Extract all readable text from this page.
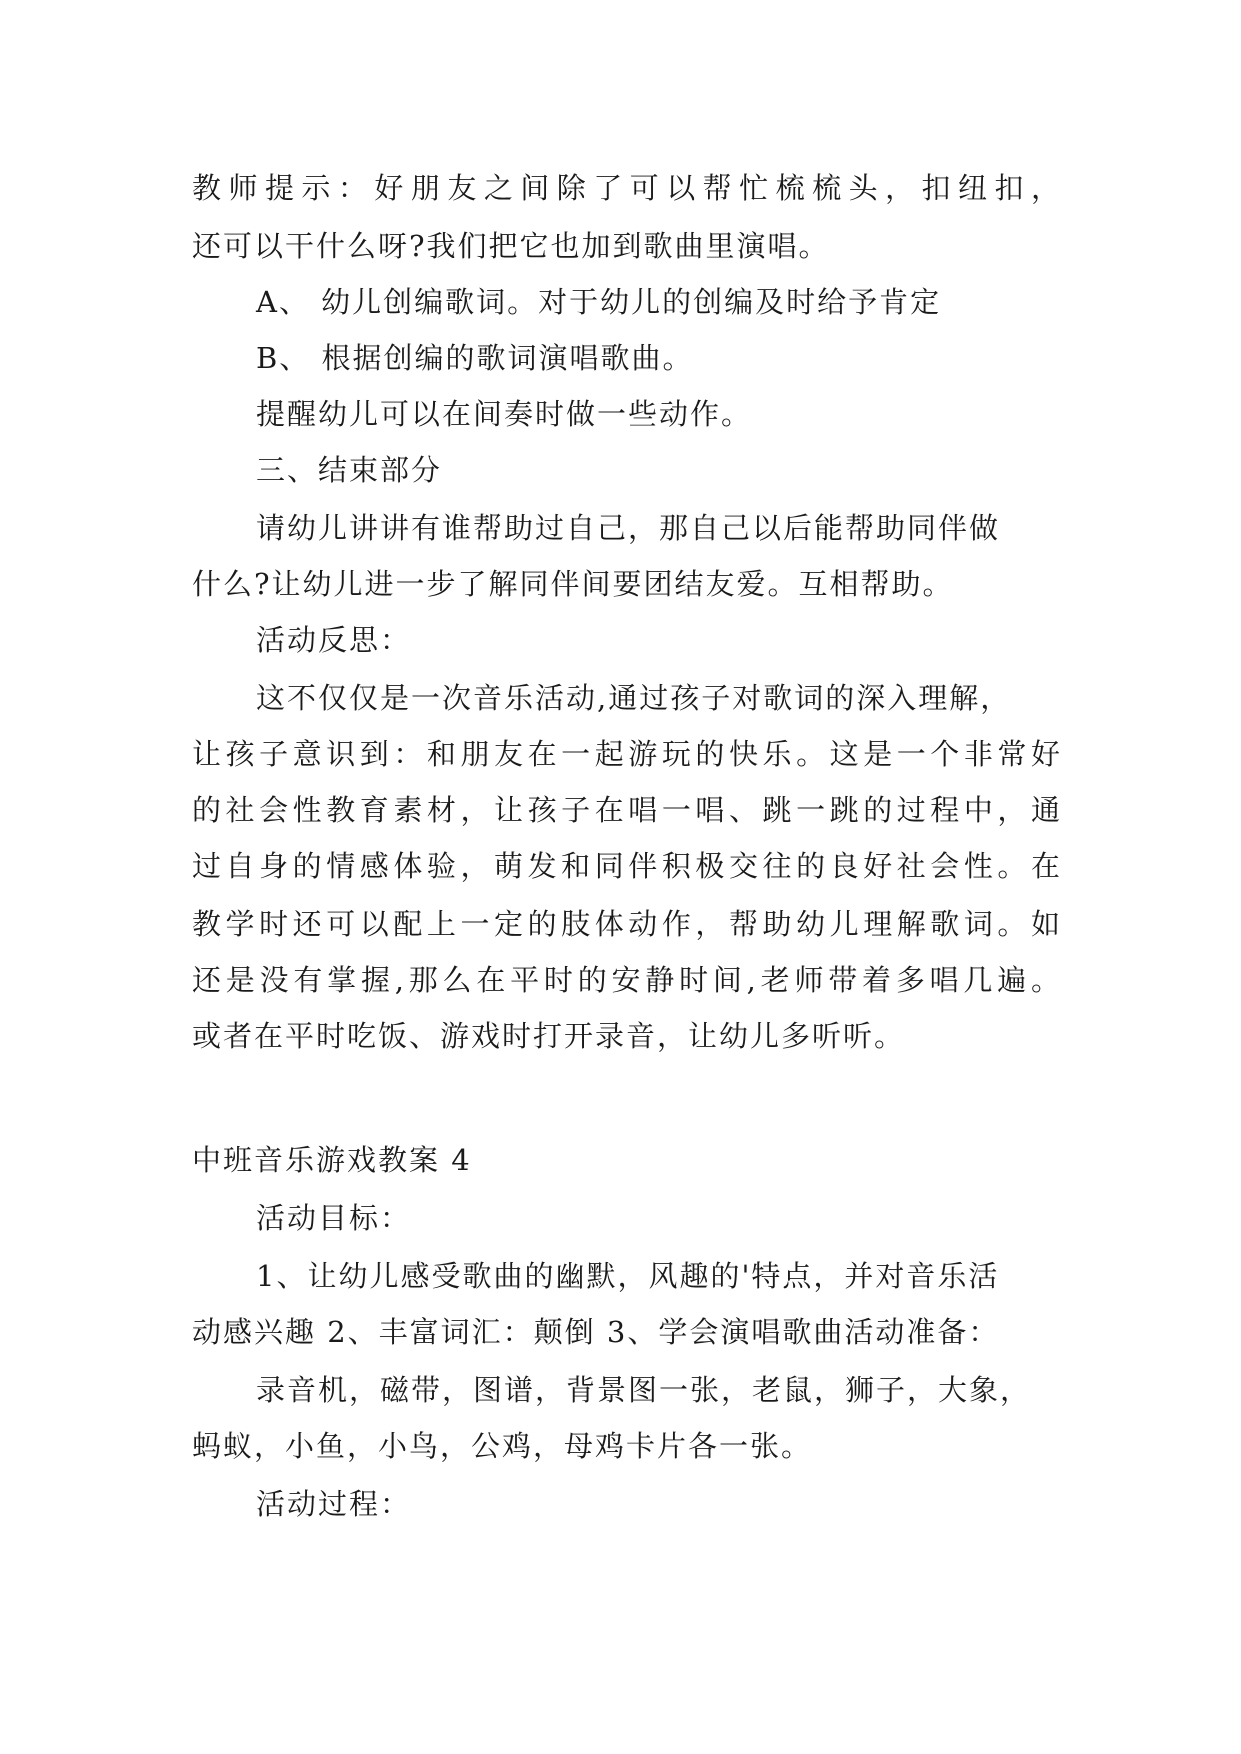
教师提示：好朋友之间除了可以帮忙梳梳头，扣纽扣，
还可以干什么呀?我们把它也加到歌曲里演唱。
A、 幼儿创编歌词。对于幼儿的创编及时给予肯定
B、 根据创编的歌词演唱歌曲。
提醒幼儿可以在间奏时做一些动作。
三、结束部分
请幼儿讲讲有谁帮助过自己，那自己以后能帮助同伴做
什么?让幼儿进一步了解同伴间要团结友爱。互相帮助。
活动反思：
这不仅仅是一次音乐活动,通过孩子对歌词的深入理解，
让孩子意识到：和朋友在一起游玩的快乐。这是一个非常好
的社会性教育素材，让孩子在唱一唱、跳一跳的过程中，通
过自身的情感体验，萌发和同伴积极交往的良好社会性。在
教学时还可以配上一定的肢体动作，帮助幼儿理解歌词。如
还是没有掌握,那么在平时的安静时间,老师带着多唱几遍。
或者在平时吃饭、游戏时打开录音，让幼儿多听听。
中班音乐游戏教案 4
活动目标：
1、让幼儿感受歌曲的幽默，风趣的'特点，并对音乐活
动感兴趣 2、丰富词汇：颠倒 3、学会演唱歌曲活动准备：
录音机，磁带，图谱，背景图一张，老鼠，狮子，大象，
蚂蚁，小鱼，小鸟，公鸡，母鸡卡片各一张。
活动过程：
